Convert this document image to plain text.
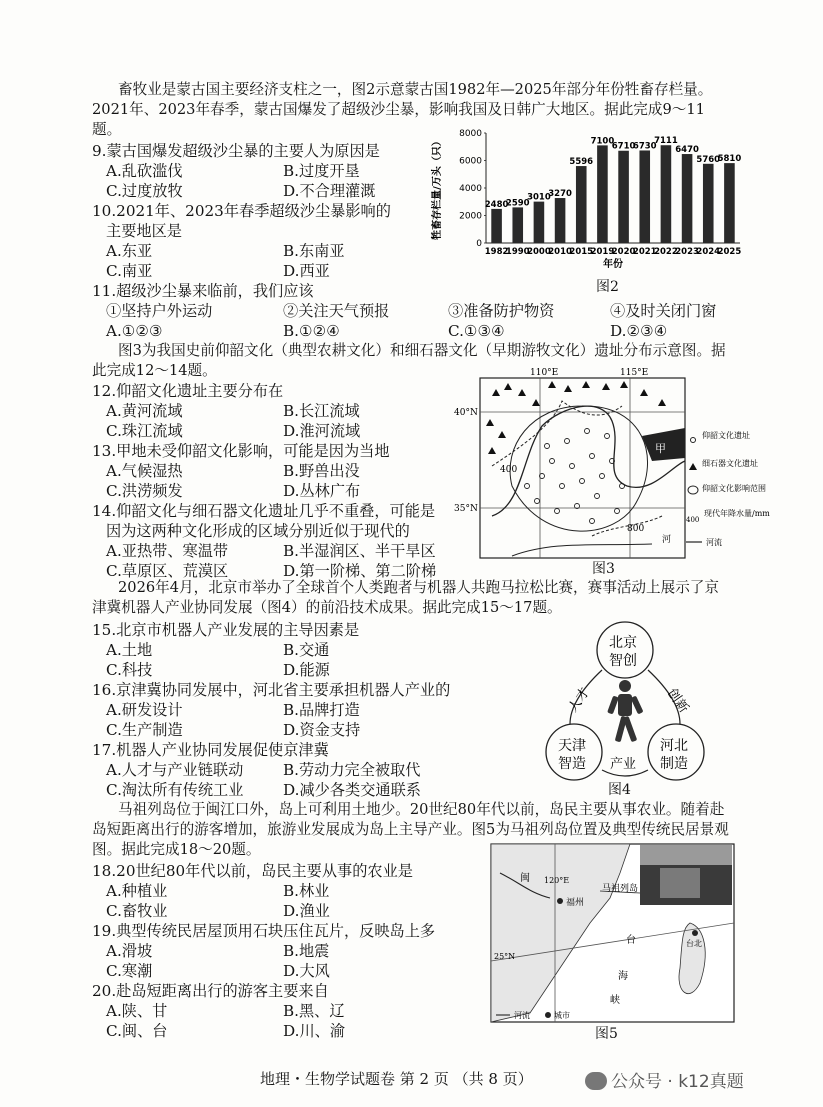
畜牧业是蒙古国主要经济支柱之一，图2示意蒙古国1982年—2025年部分年份牲畜存栏量。2021年、2023年春季，蒙古国爆发了超级沙尘暴，影响我国及日韩广大地区。据此完成9～11题。
9.蒙古国爆发超级沙尘暴的主要人为原因是
A.乱砍滥伐	B.过度开垦
C.过度放牧	D.不合理灌溉
10.2021年、2023年春季超级沙尘暴影响的
主要地区是
A.东亚	B.东南亚
C.南亚	D.西亚
牲畜存栏量/万头（只）
0
2000
4000
6000
8000
2480
1982
2590
1990
3010
2000
3270
2010
5596
2015
7100
2019
6710
2020
6730
2021
7111
2022
6470
2023
5760
2024
5810
2025
年份
图2
11.超级沙尘暴来临前，我们应该
①坚持户外运动	②关注天气预报	③准备防护物资	④及时关闭门窗
A.①②③	B.①②④	C.①③④	D.②③④
图3为我国史前仰韶文化（典型农耕文化）和细石器文化（早期游牧文化）遗址分布示意图。据此完成12～14题。
12.仰韶文化遗址主要分布在
A.黄河流域	B.长江流域
C.珠江流域	D.淮河流域
13.甲地未受仰韶文化影响，可能是因为当地
A.气候湿热	B.野兽出没
C.洪涝频发	D.丛林广布
14.仰韶文化与细石器文化遗址几乎不重叠，可能是
因为这两种文化形成的区域分别近似于现代的
A.亚热带、寒温带	B.半湿润区、半干旱区
C.草原区、荒漠区	D.第一阶梯、第二阶梯
110°E	115°E
40°N
35°N
甲
400
800
河
仰韶文化遗址
细石器文化遗址
仰韶文化影响范围
400
现代年降水量/mm
河流
图3
2026年4月，北京市举办了全球首个人类跑者与机器人共跑马拉松比赛，赛事活动上展示了京津冀机器人产业协同发展（图4）的前沿技术成果。据此完成15～17题。
15.北京市机器人产业发展的主导因素是
A.土地	B.交通
C.科技	D.能源
16.京津冀协同发展中，河北省主要承担机器人产业的
A.研发设计	B.品牌打造
C.生产制造	D.资金支持
17.机器人产业协同发展促使京津冀
A.人才与产业链联动	B.劳动力完全被取代
C.淘汰所有传统工业	D.减少各类交通联系
北京
智创
天津
智造
河北
制造
人才	创新
产业
图4
马祖列岛位于闽江口外，岛上可利用土地少。20世纪80年代以前，岛民主要从事农业。随着赴岛短距离出行的游客增加，旅游业发展成为岛上主导产业。图5为马祖列岛位置及典型传统民居景观图。据此完成18～20题。
18.20世纪80年代以前，岛民主要从事的农业是
A.种植业	B.林业
C.畜牧业	D.渔业
19.典型传统民居屋顶用石块压住瓦片，反映岛上多
A.滑坡	B.地震
C.寒潮	D.大风
20.赴岛短距离出行的游客主要来自
A.陕、甘	B.黑、辽
C.闽、台	D.川、渝
120°E
25°N
福州
马祖列岛
台北
闽
台
海
峡
河流	城市
图5
地理・生物学试题卷 第 2 页 （共 8 页）	公众号 · k12真题
